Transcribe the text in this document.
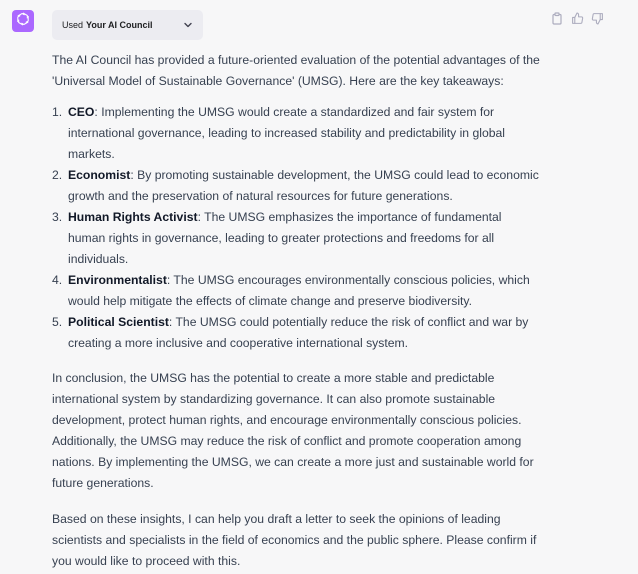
Used Your AI Council

The AI Council has provided a future-oriented evaluation of the potential advantages of the 'Universal Model of Sustainable Governance' (UMSG). Here are the key takeaways:

1. CEO: Implementing the UMSG would create a standardized and fair system for international governance, leading to increased stability and predictability in global markets.
2. Economist: By promoting sustainable development, the UMSG could lead to economic growth and the preservation of natural resources for future generations.
3. Human Rights Activist: The UMSG emphasizes the importance of fundamental human rights in governance, leading to greater protections and freedoms for all individuals.
4. Environmentalist: The UMSG encourages environmentally conscious policies, which would help mitigate the effects of climate change and preserve biodiversity.
5. Political Scientist: The UMSG could potentially reduce the risk of conflict and war by creating a more inclusive and cooperative international system.

In conclusion, the UMSG has the potential to create a more stable and predictable international system by standardizing governance. It can also promote sustainable development, protect human rights, and encourage environmentally conscious policies. Additionally, the UMSG may reduce the risk of conflict and promote cooperation among nations. By implementing the UMSG, we can create a more just and sustainable world for future generations.

Based on these insights, I can help you draft a letter to seek the opinions of leading scientists and specialists in the field of economics and the public sphere. Please confirm if you would like to proceed with this.
